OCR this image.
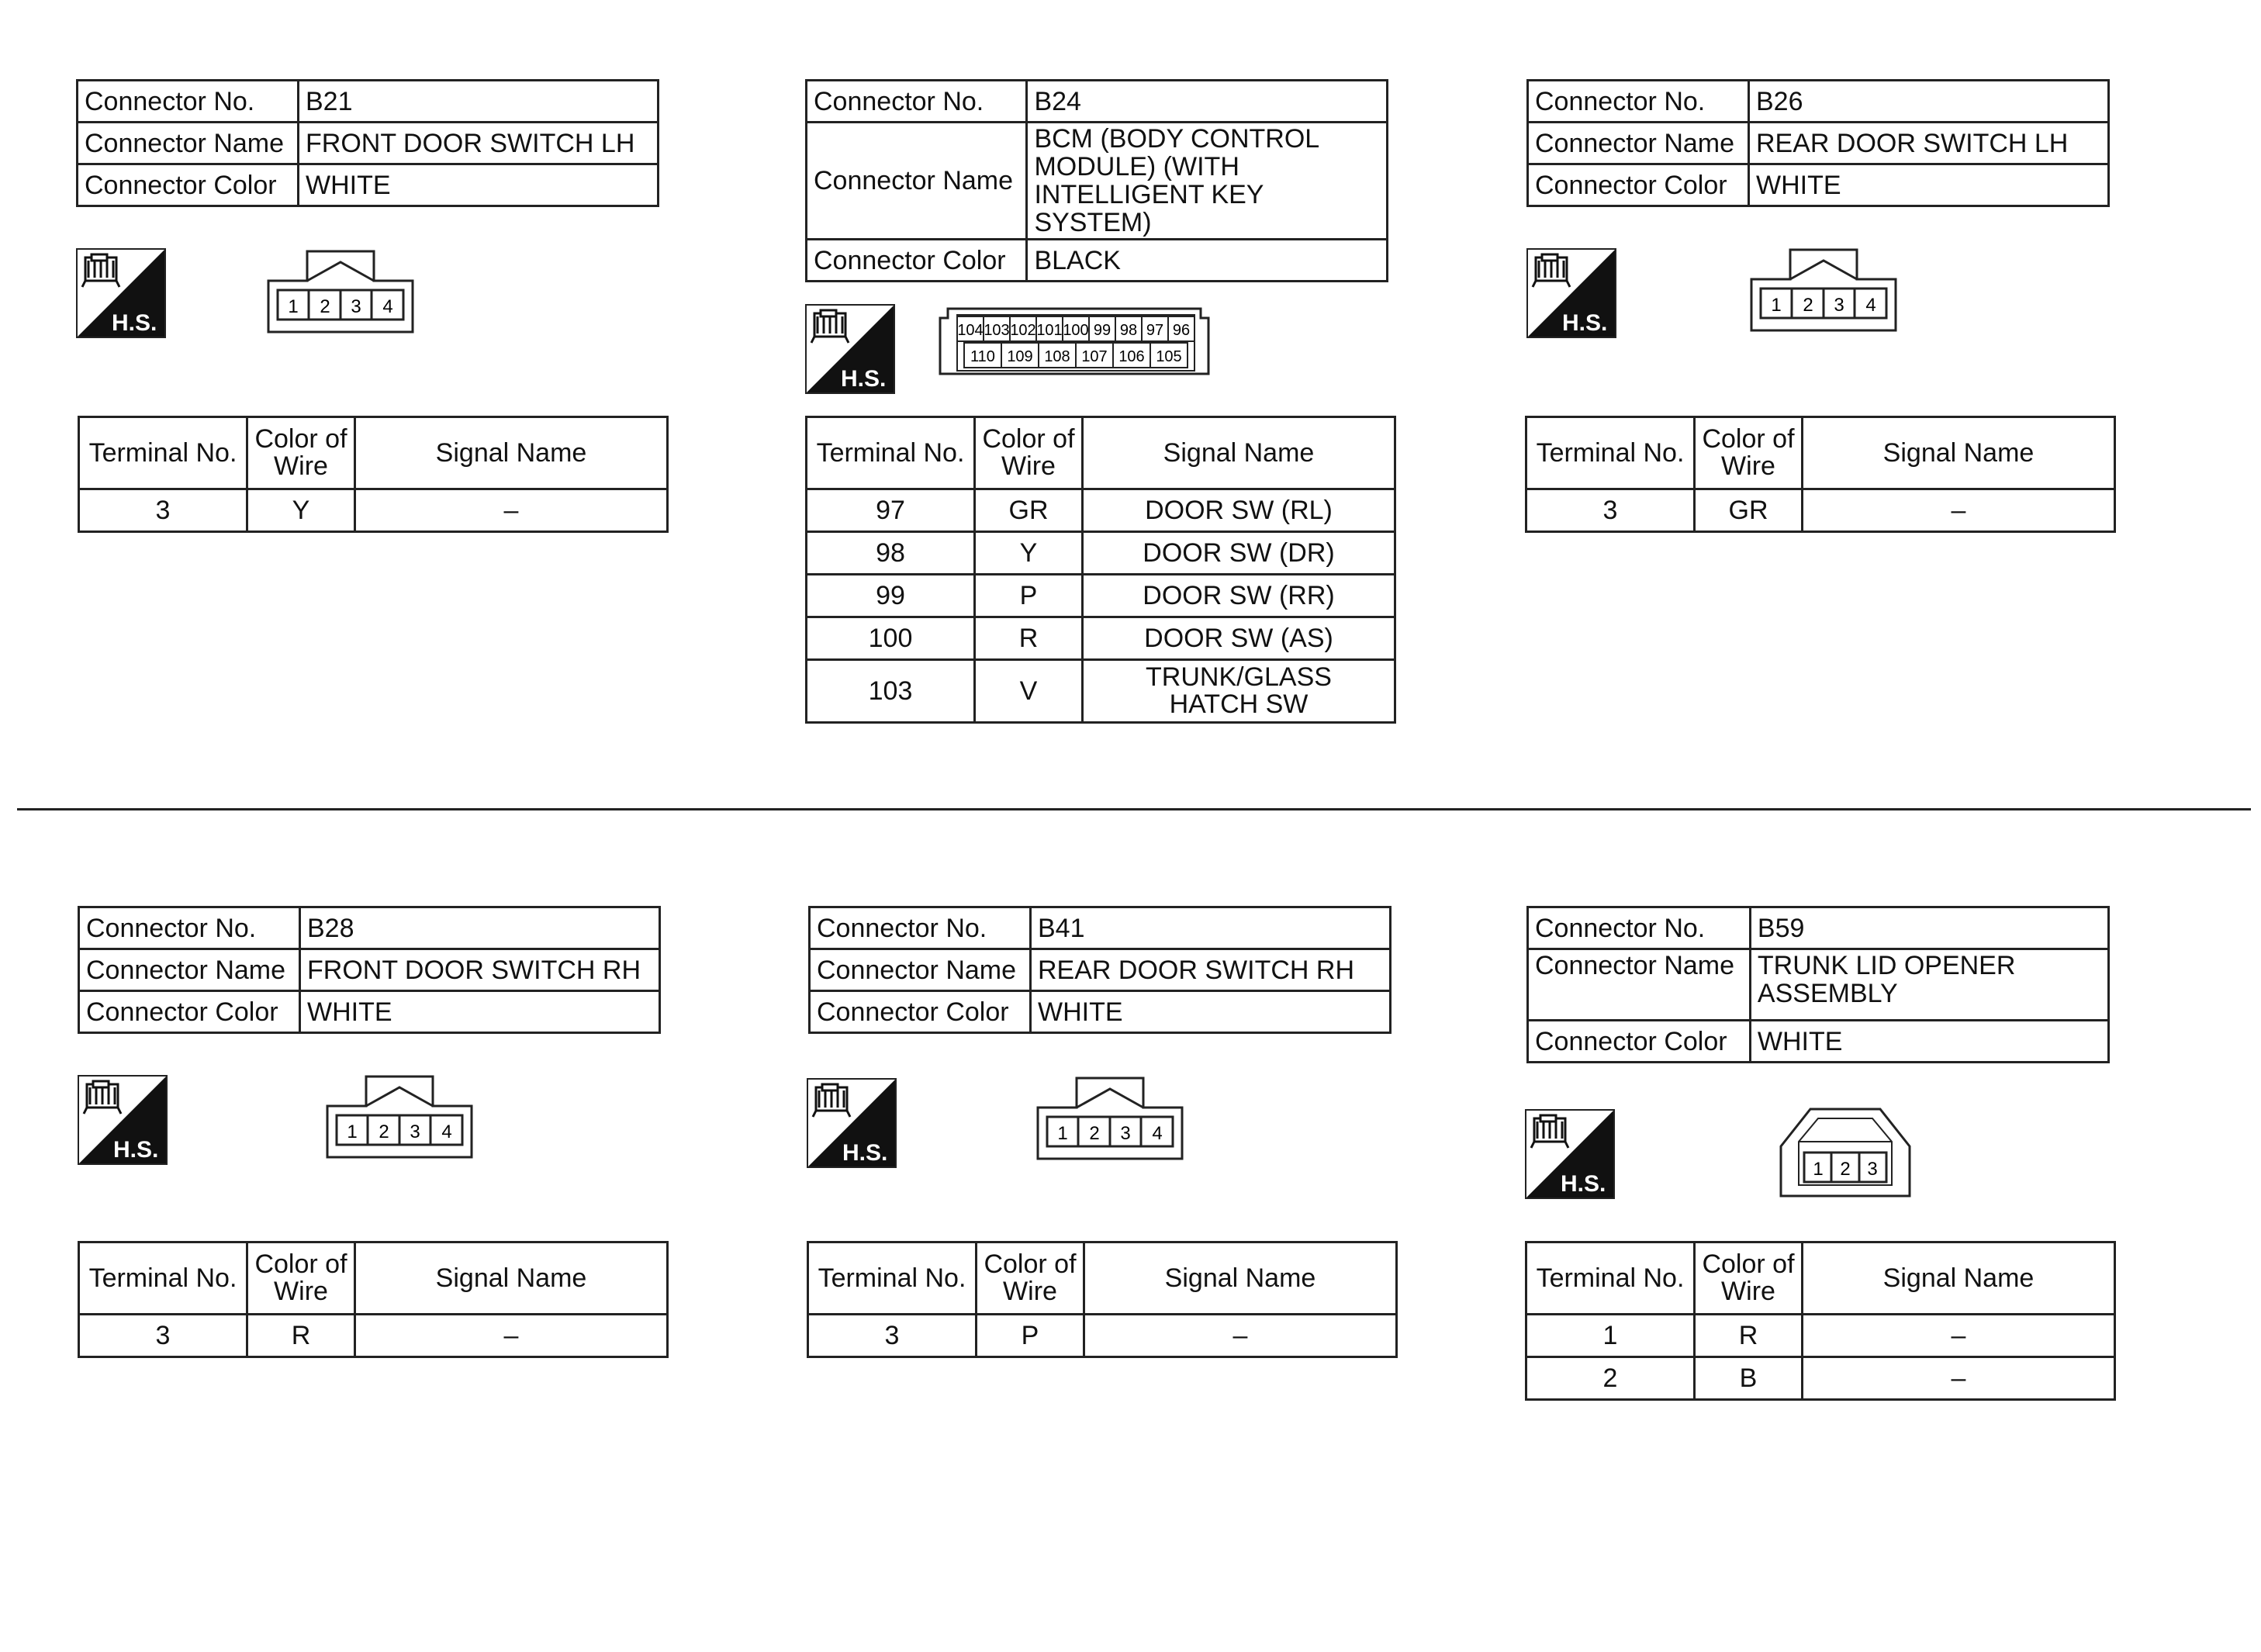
Connector No.	B21
Connector Name	FRONT DOOR SWITCH LH
Connector Color	WHITE
H.S.
1 2 3 4
Terminal No.	Color of Wire	Signal Name
3	Y	–
Connector No.	B24
Connector Name	BCM (BODY CONTROL MODULE) (WITH INTELLIGENT KEY SYSTEM)
Connector Color	BLACK
H.S.
104 103 102 101 100 99 98 97 96
110 109 108 107 106 105
Terminal No.	Color of Wire	Signal Name
97	GR	DOOR SW (RL)
98	Y	DOOR SW (DR)
99	P	DOOR SW (RR)
100	R	DOOR SW (AS)
103	V	TRUNK/GLASS HATCH SW
Connector No.	B26
Connector Name	REAR DOOR SWITCH LH
Connector Color	WHITE
H.S.
1 2 3 4
Terminal No.	Color of Wire	Signal Name
3	GR	–
Connector No.	B28
Connector Name	FRONT DOOR SWITCH RH
Connector Color	WHITE
H.S.
1 2 3 4
Terminal No.	Color of Wire	Signal Name
3	R	–
Connector No.	B41
Connector Name	REAR DOOR SWITCH RH
Connector Color	WHITE
H.S.
1 2 3 4
Terminal No.	Color of Wire	Signal Name
3	P	–
Connector No.	B59
Connector Name	TRUNK LID OPENER ASSEMBLY
Connector Color	WHITE
H.S.
1 2 3
Terminal No.	Color of Wire	Signal Name
1	R	–
2	B	–
